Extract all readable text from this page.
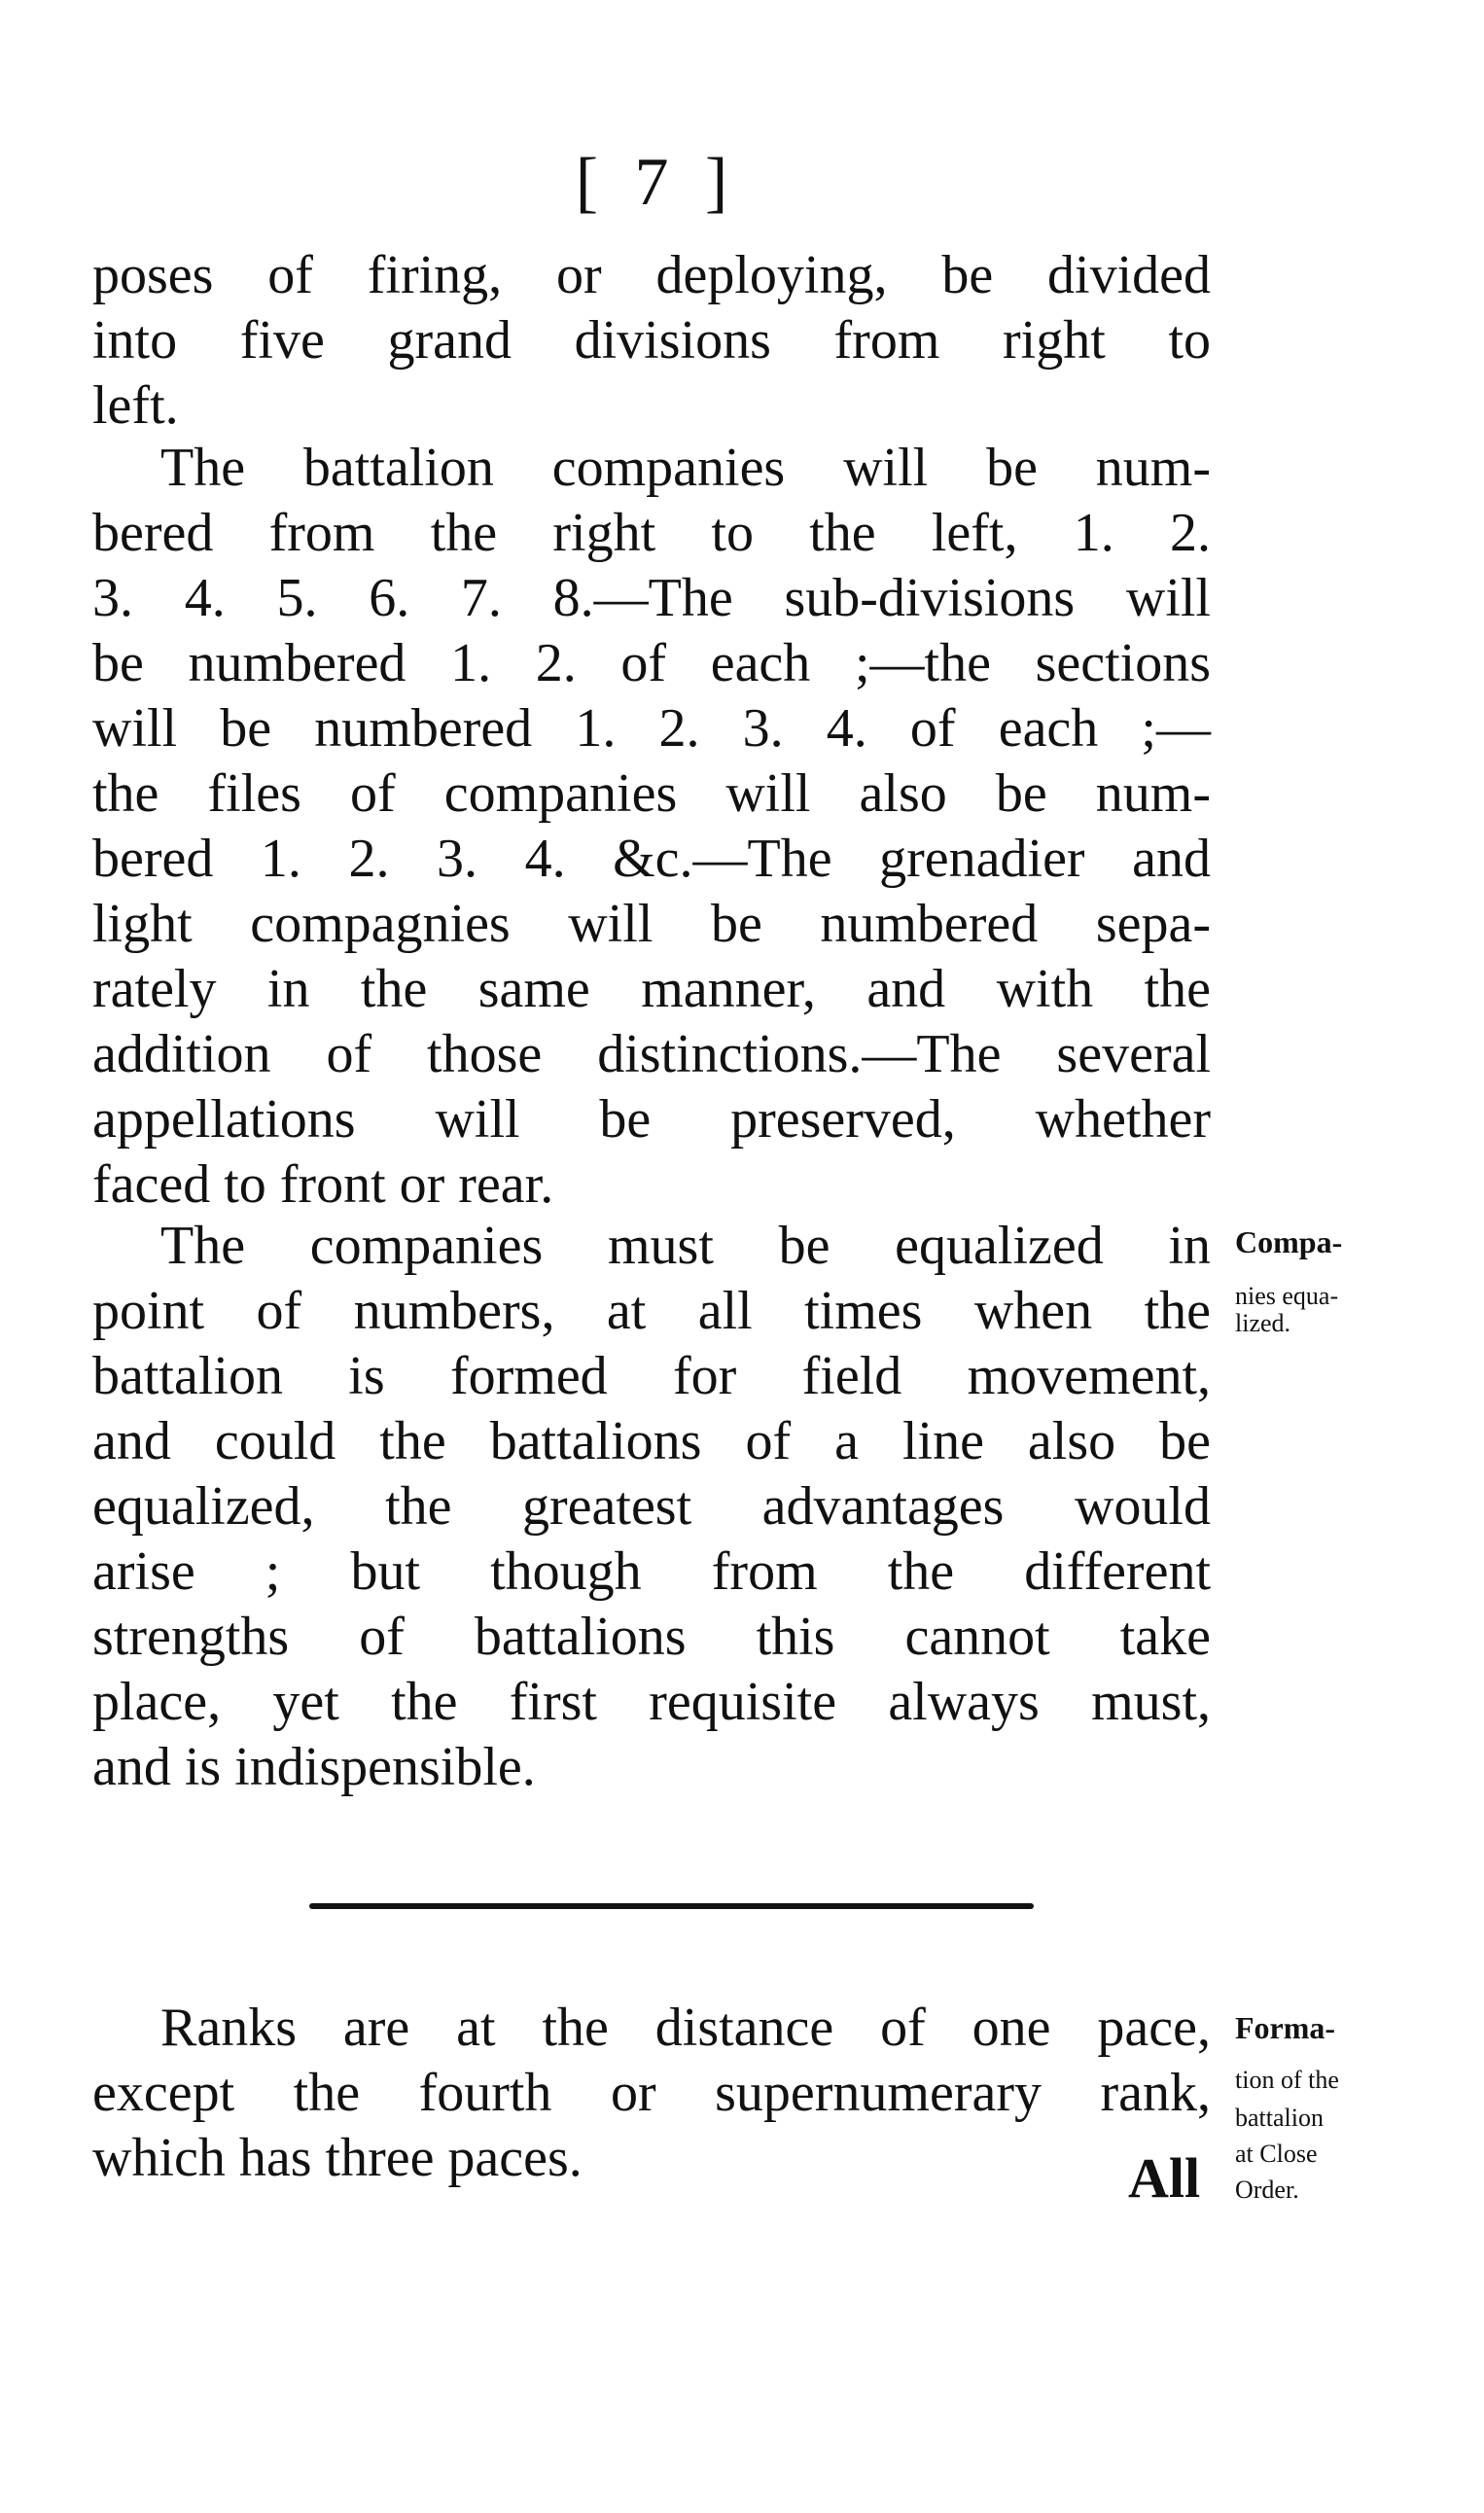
[ 7 ]
poses of firing, or deploying, be divided
into five grand divisions from right to
left.
The battalion companies will be num-
bered from the right to the left, 1. 2.
3. 4. 5. 6. 7. 8.—The sub-divisions will
be numbered 1. 2. of each ;—the sections
will be numbered 1. 2. 3. 4. of each ;—
the files of companies will also be num-
bered 1. 2. 3. 4. &c.—The grenadier and
light compagnies will be numbered sepa-
rately in the same manner, and with the
addition of those distinctions.—The several
appellations will be preserved, whether
faced to front or rear.
The companies must be equalized in
point of numbers, at all times when the
battalion is formed for field movement,
and could the battalions of a line also be
equalized, the greatest advantages would
arise ; but though from the different
strengths of battalions this cannot take
place, yet the first requisite always must,
and is indispensible.
Compa-
nies equa-
lized.
Ranks are at the distance of one pace,
except the fourth or supernumerary rank,
which has three paces.
Forma-
tion of the
battalion
at Close
Order.
All
